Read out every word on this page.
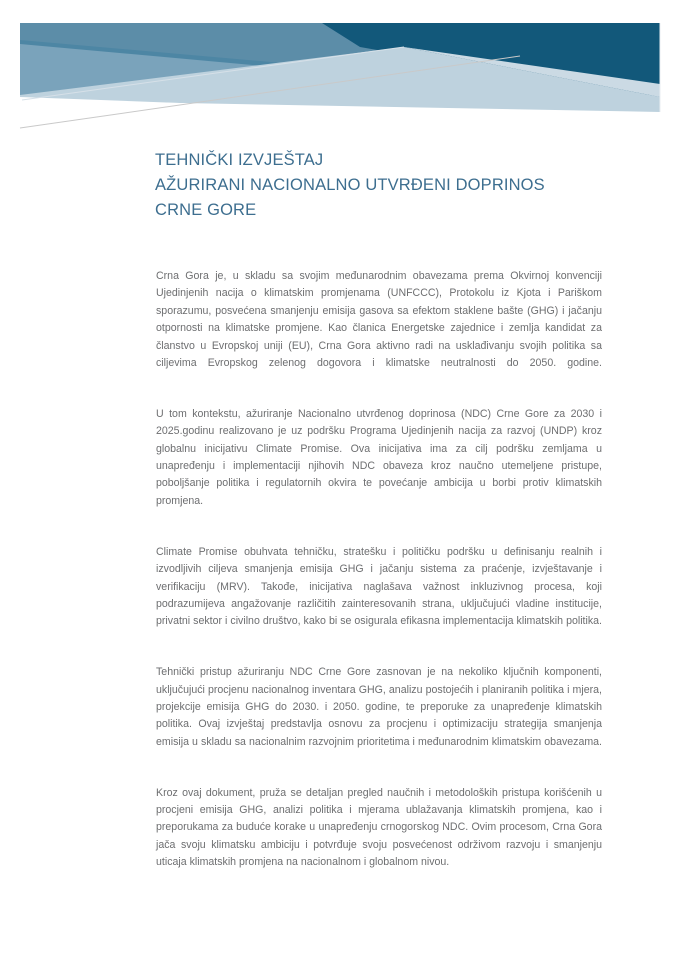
TEHNIČKI IZVJEŠTAJ
AŽURIRANI NACIONALNO UTVRĐENI DOPRINOS
CRNE GORE

Crna Gora je, u skladu sa svojim međunarodnim obavezama prema Okvirnoj konvenciji Ujedinjenih nacija o klimatskim promjenama (UNFCCC), Protokolu iz Kjota i Pariškom sporazumu, posvećena smanjenju emisija gasova sa efektom staklene bašte (GHG) i jačanju otpornosti na klimatske promjene. Kao članica Energetske zajednice i zemlja kandidat za članstvo u Evropskoj uniji (EU), Crna Gora aktivno radi na usklađivanju svojih politika sa ciljevima Evropskog zelenog dogovora i klimatske neutralnosti do 2050. godine.

U tom kontekstu, ažuriranje Nacionalno utvrđenog doprinosa (NDC) Crne Gore za 2030 i 2025.godinu realizovano je uz podršku Programa Ujedinjenih nacija za razvoj (UNDP) kroz globalnu inicijativu Climate Promise. Ova inicijativa ima za cilj podršku zemljama u unapređenju i implementaciji njihovih NDC obaveza kroz naučno utemeljene pristupe, poboljšanje politika i regulatornih okvira te povećanje ambicija u borbi protiv klimatskih promjena.

Climate Promise obuhvata tehničku, stratešku i političku podršku u definisanju realnih i izvodljivih ciljeva smanjenja emisija GHG i jačanju sistema za praćenje, izvještavanje i verifikaciju (MRV). Takođe, inicijativa naglašava važnost inkluzivnog procesa, koji podrazumijeva angažovanje različitih zainteresovanih strana, uključujući vladine institucije, privatni sektor i civilno društvo, kako bi se osigurala efikasna implementacija klimatskih politika.

Tehnički pristup ažuriranju NDC Crne Gore zasnovan je na nekoliko ključnih komponenti, uključujući procjenu nacionalnog inventara GHG, analizu postojećih i planiranih politika i mjera, projekcije emisija GHG do 2030. i 2050. godine, te preporuke za unapređenje klimatskih politika. Ovaj izvještaj predstavlja osnovu za procjenu i optimizaciju strategija smanjenja emisija u skladu sa nacionalnim razvojnim prioritetima i međunarodnim klimatskim obavezama.

Kroz ovaj dokument, pruža se detaljan pregled naučnih i metodoloških pristupa korišćenih u procjeni emisija GHG, analizi politika i mjerama ublažavanja klimatskih promjena, kao i preporukama za buduće korake u unapređenju crnogorskog NDC. Ovim procesom, Crna Gora jača svoju klimatsku ambiciju i potvrđuje svoju posvećenost održivom razvoju i smanjenju uticaja klimatskih promjena na nacionalnom i globalnom nivou.
